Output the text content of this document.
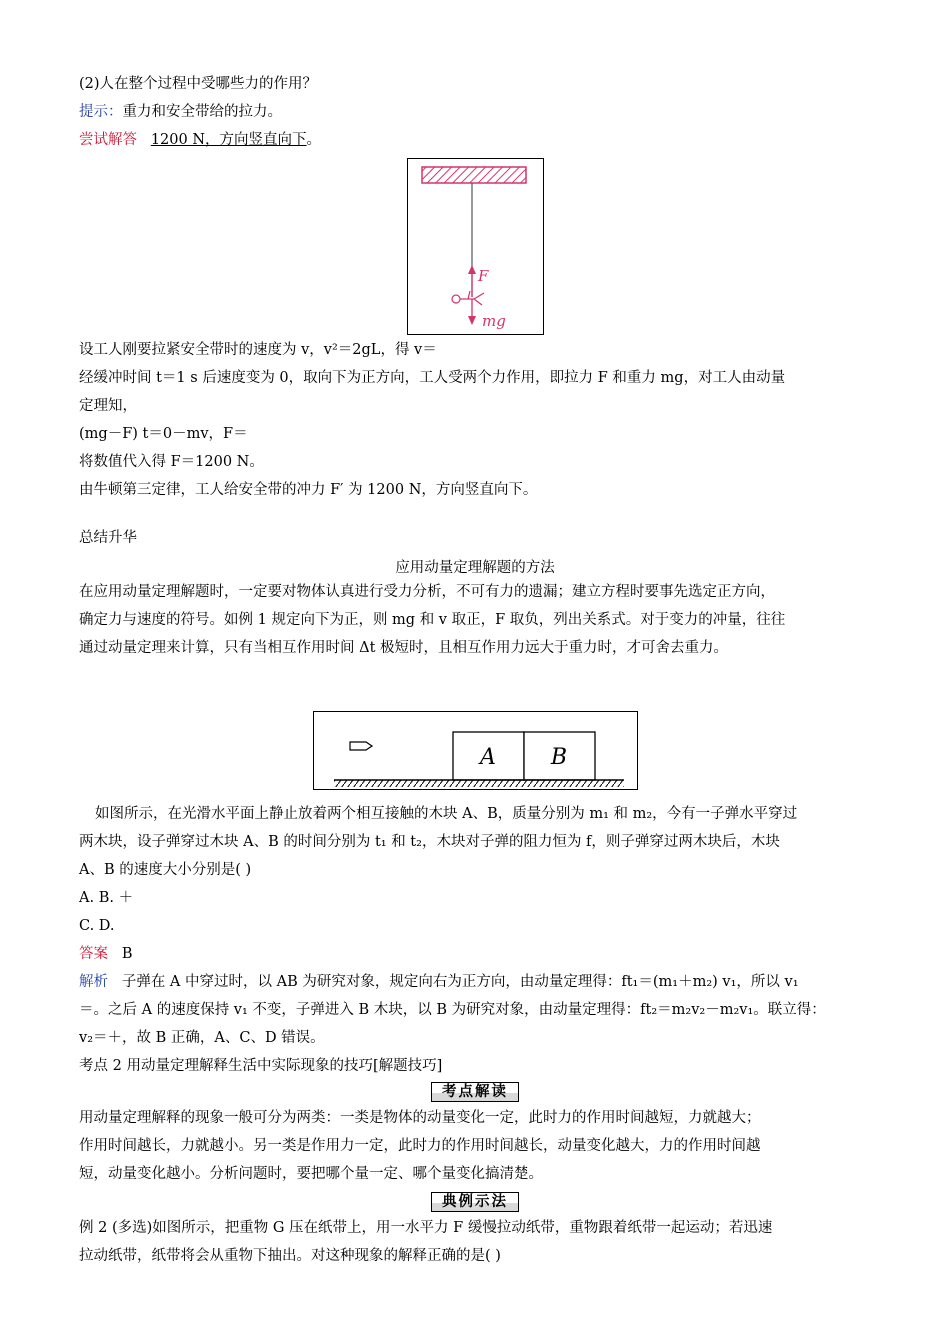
(2)人在整个过程中受哪些力的作用？
提示：重力和安全带给的拉力。
尝试解答 1200 N，方向竖直向下。
F
mg
设工人刚要拉紧安全带时的速度为 v，v²＝2gL，得 v＝
经缓冲时间 t＝1 s 后速度变为 0，取向下为正方向，工人受两个力作用，即拉力 F 和重力 mg，对工人由动量
定理知，
(mg－F) t＝0－mv，F＝
将数值代入得 F＝1200 N。
由牛顿第三定律，工人给安全带的冲力 F′ 为 1200 N，方向竖直向下。
总结升华
应用动量定理解题的方法
在应用动量定理解题时，一定要对物体认真进行受力分析，不可有力的遗漏；建立方程时要事先选定正方向，
确定力与速度的符号。如例 1 规定向下为正，则 mg 和 v 取正，F 取负，列出关系式。对于变力的冲量，往往
通过动量定理来计算，只有当相互作用时间 Δt 极短时，且相互作用力远大于重力时，才可舍去重力。
A B
如图所示，在光滑水平面上静止放着两个相互接触的木块 A、B，质量分别为 m₁ 和 m₂，今有一子弹水平穿过
两木块，设子弹穿过木块 A、B 的时间分别为 t₁ 和 t₂，木块对子弹的阻力恒为 f，则子弹穿过两木块后，木块
A、B 的速度大小分别是( )
A. B. ＋
C. D.
答案 B
解析 子弹在 A 中穿过时，以 AB 为研究对象，规定向右为正方向，由动量定理得：ft₁＝(m₁＋m₂) v₁，所以 v₁
＝。之后 A 的速度保持 v₁ 不变，子弹进入 B 木块，以 B 为研究对象，由动量定理得：ft₂＝m₂v₂－m₂v₁。联立得：
v₂＝＋，故 B 正确，A、C、D 错误。
考点 2 用动量定理解释生活中实际现象的技巧[解题技巧]
考点解读
用动量定理解释的现象一般可分为两类：一类是物体的动量变化一定，此时力的作用时间越短，力就越大；
作用时间越长，力就越小。另一类是作用力一定，此时力的作用时间越长，动量变化越大，力的作用时间越
短，动量变化越小。分析问题时，要把哪个量一定、哪个量变化搞清楚。
典例示法
例 2 (多选)如图所示，把重物 G 压在纸带上，用一水平力 F 缓慢拉动纸带，重物跟着纸带一起运动；若迅速
拉动纸带，纸带将会从重物下抽出。对这种现象的解释正确的是( )
